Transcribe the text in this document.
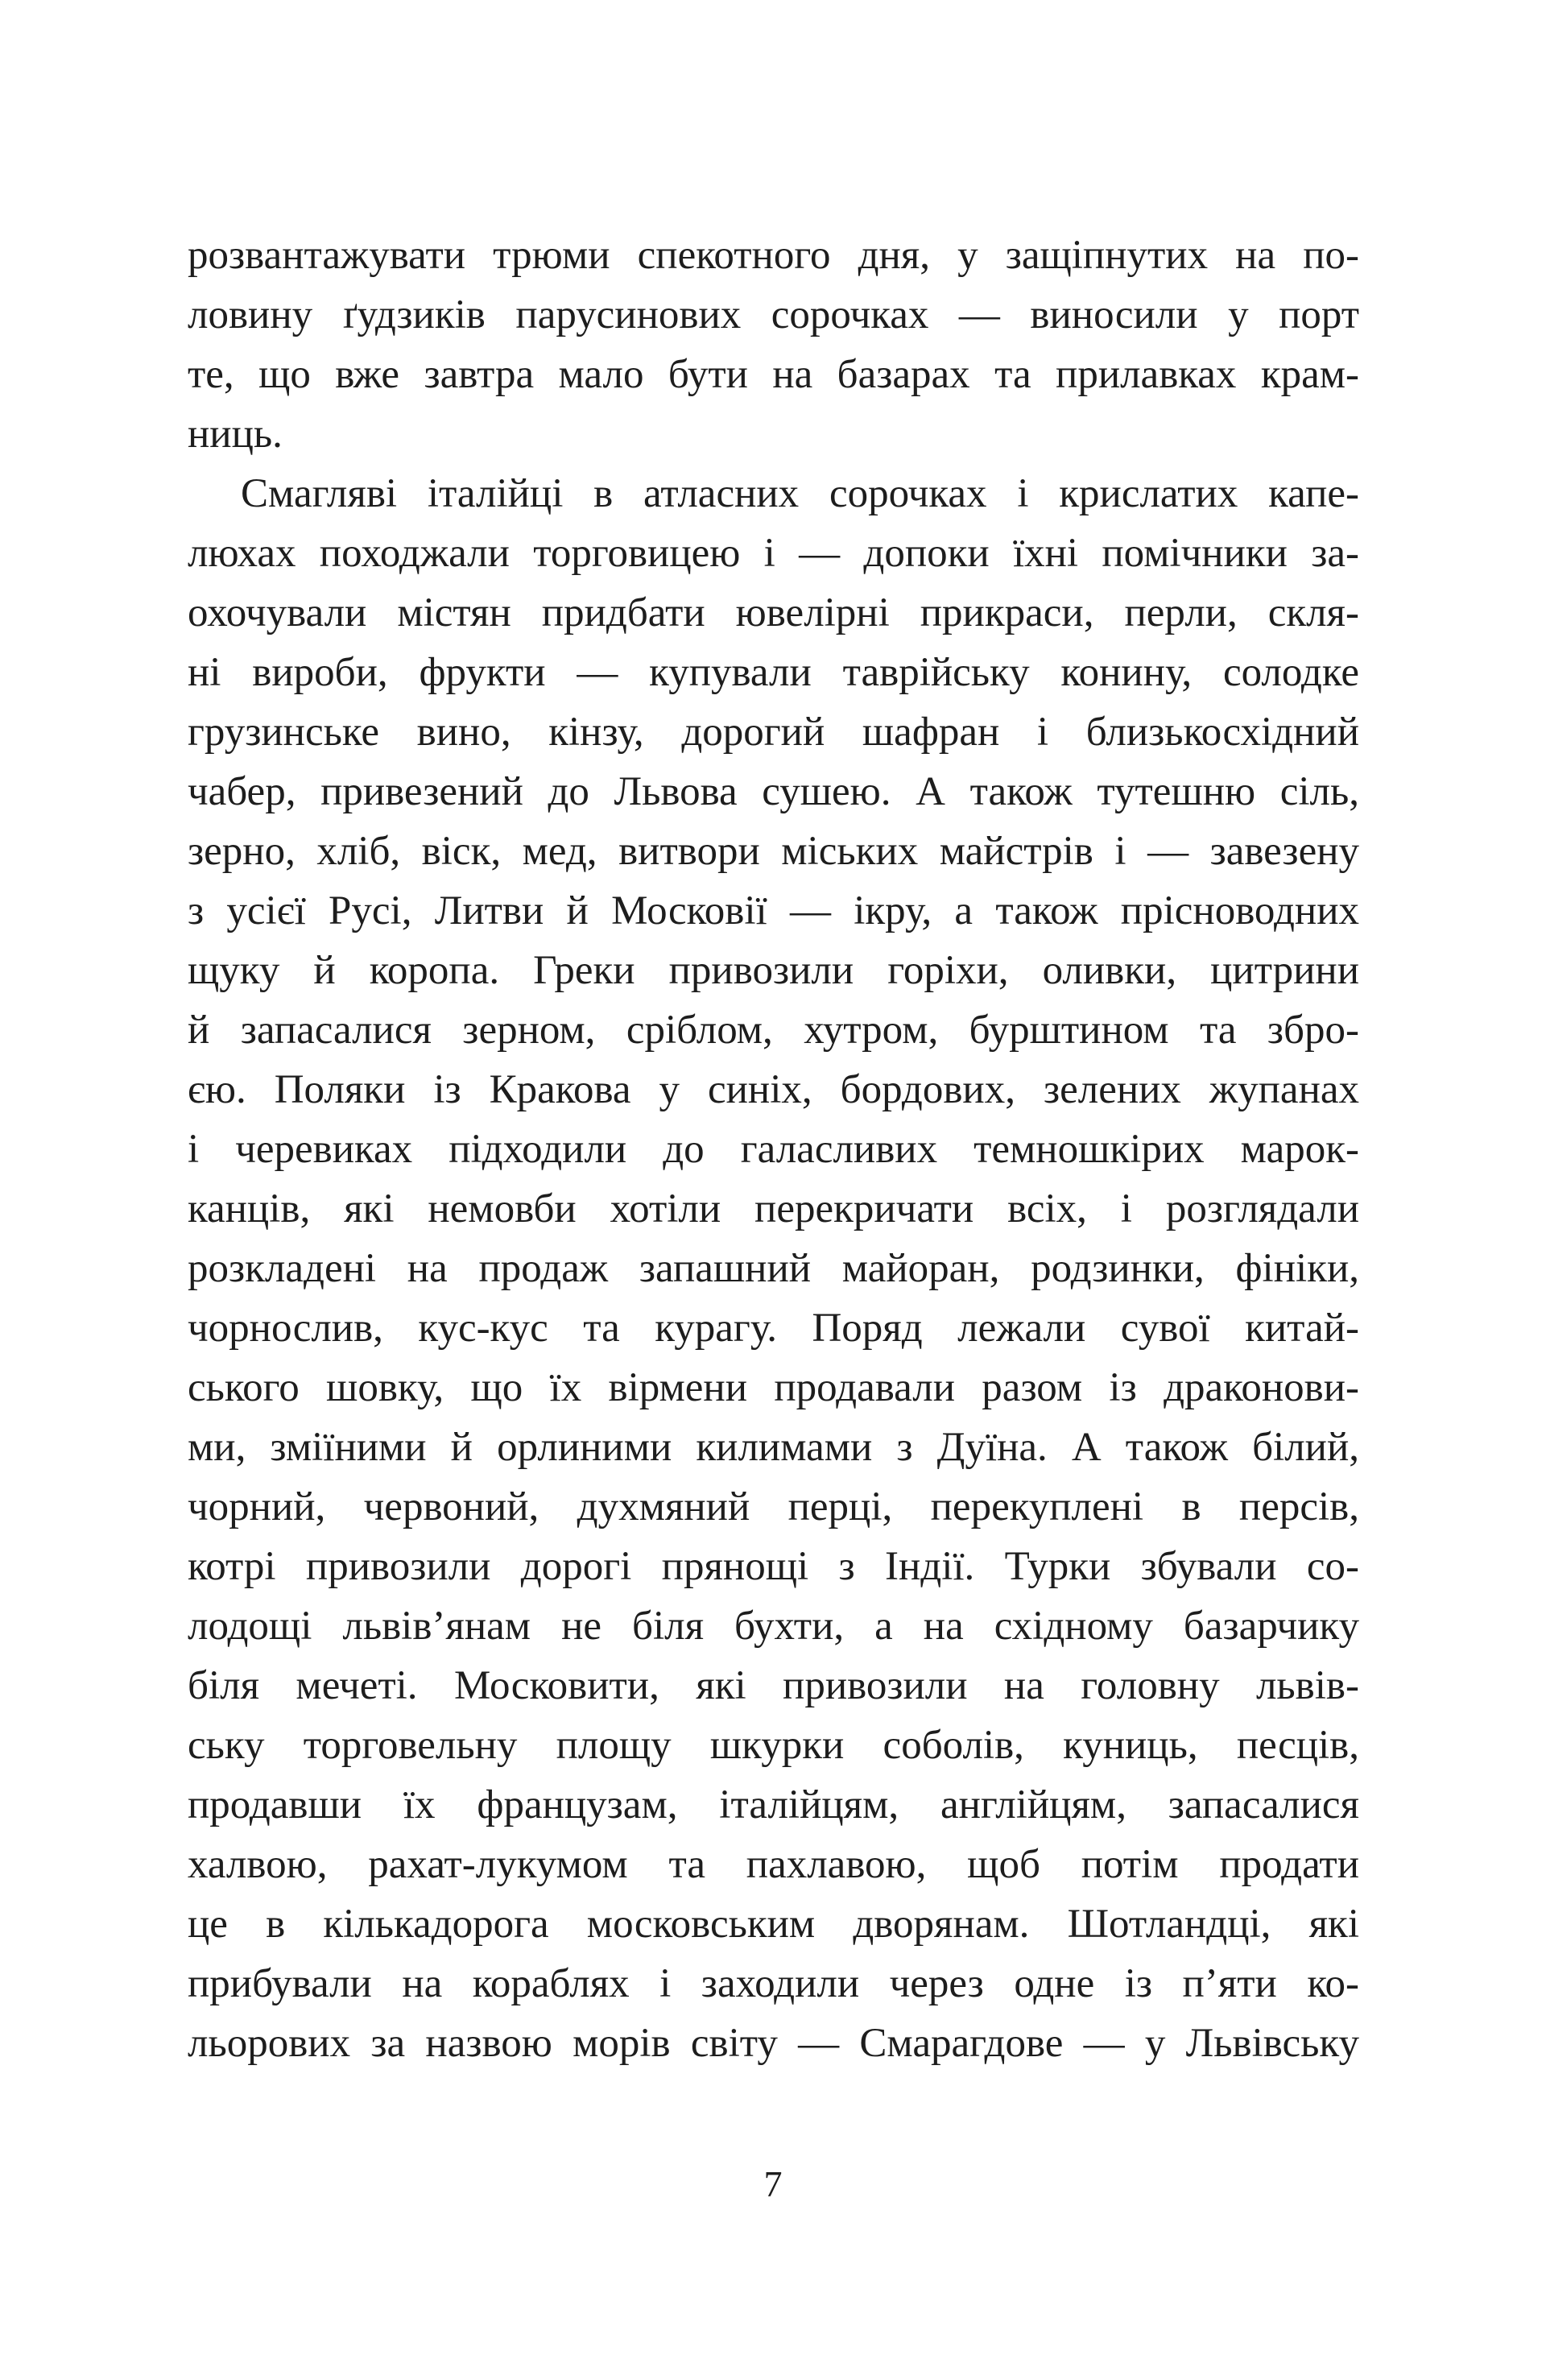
розвантажувати трюми спекотного дня, у защіпнутих на по-
ловину ґудзиків парусинових сорочках — виносили у порт
те, що вже завтра мало бути на базарах та прилавках крам-
ниць.
Смагляві італійці в атласних сорочках і крислатих капе-
люхах походжали торговицею і — допоки їхні помічники за-
охочували містян придбати ювелірні прикраси, перли, скля-
ні вироби, фрукти — купували таврійську конину, солодке
грузинське вино, кінзу, дорогий шафран і близькосхідний
чабер, привезений до Львова сушею. А також тутешню сіль,
зерно, хліб, віск, мед, витвори міських майстрів і — завезену
з усієї Русі, Литви й Московії — ікру, а також прісноводних
щуку й коропа. Греки привозили горіхи, оливки, цитрини
й запасалися зерном, сріблом, хутром, бурштином та збро-
єю. Поляки із Кракова у синіх, бордових, зелених жупанах
і черевиках підходили до галасливих темношкірих марок-
канців, які немовби хотіли перекричати всіх, і розглядали
розкладені на продаж запашний майоран, родзинки, фініки,
чорнослив, кус-кус та курагу. Поряд лежали сувої китай-
ського шовку, що їх вірмени продавали разом із драконови-
ми, зміїними й орлиними килимами з Дуїна. А також білий,
чорний, червоний, духмяний перці, перекуплені в персів,
котрі привозили дорогі прянощі з Індії. Турки збували со-
лодощі львів’янам не біля бухти, а на східному базарчику
біля мечеті. Московити, які привозили на головну львів-
ську торговельну площу шкурки соболів, куниць, песців,
продавши їх французам, італійцям, англійцям, запасалися
халвою, рахат-лукумом та пахлавою, щоб потім продати
це в кількадорога московським дворянам. Шотландці, які
прибували на кораблях і заходили через одне із п’яти ко-
льорових за назвою морів світу — Смарагдове — у Львівську
7
